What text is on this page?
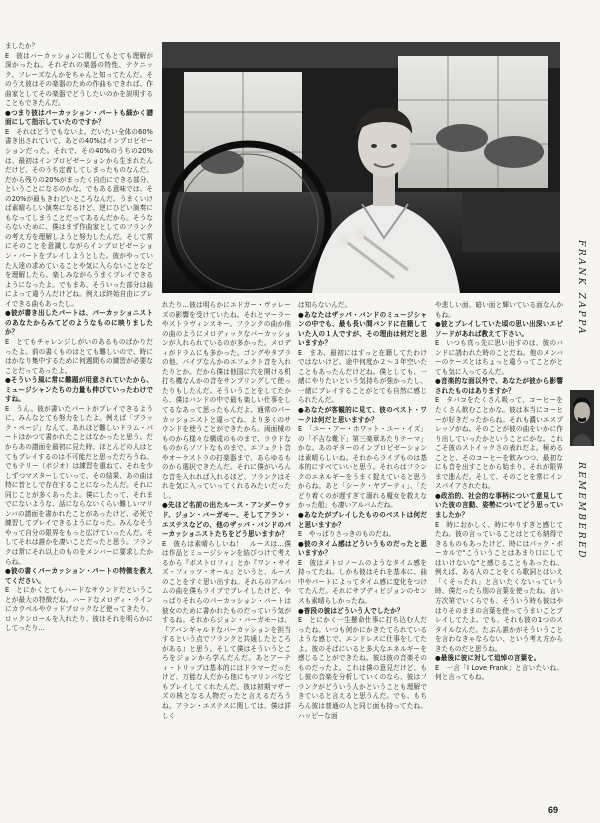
ましたか？

E　彼はバーカッションに関してもとても理解が深かったね。それぞれの楽器の特性、テクニック、フレーズなんかをちゃんと知ってたんだ。そのうえ彼はその楽器のための作曲もできれば、作曲家としてその楽器でどうしたいのかを説明することもできたんだ。

●つまり彼はパーカッション・パートも細かく譜面にして指示していたのですか？

E　それはどうでもないよ。だいたい全体の60%書き出されていて、あとの40%はインプロビゼーションだった。それで、その40%のうちの20%は、最初はインプロビゼーションから生まれたんだけど、そのうち定着してしまったものなんだ。だから残りの20%がまったく自由にできる部分、ということになるのかな。でもある意味では、その20%が最もきわどいところなんだ。うまくいけば素晴らしい演奏になるけど、逆にひどい演奏にもなってしまうことだってあるんだから。そうならないために、僕はまず作曲家としてのフランクの考え方を理解しようと努力したんだ。そして常にそのことを意識しながらインプロビゼーション・パートをプレイしようとした。彼がやっていた人達の求めていることや気に入らないことなどを理解したら、楽しみながらうまくプレイできるようになったよ。でもまあ、そういった部分は曲によって違うんだけどね。例えば終始自由にプレイできる曲もあったし。

●彼が書き出したパートは、パーカッショニストのあなたからみてどのようなものに映りましたか？

E　とてもチャレンジしがいのあるものばかりだったよ。前の書くものはとても難しいので、時にはかなり集中するために何週間もの練習が必要なことだってあったよ。

●そういう風に常に難題が用意されていたから、ミュージシャンたちの力量も伸びていったわけですね。

E　うん。彼が書いたパートがプレイできるように、みんなとても努力をしたよ。例えば「ブラック・ページ」なんて、あれほど難しいドラム・パートはかつて書かれたことはなかったと思う。だからあの譜面を最初に見た時、ほとんどの人はとてもプレイするのは不可能だと思っただろうね。でもテリー（ボジオ）は練習を重ねて、それを少しずつマスターしていって、その結果、あの曲は特に昔としで存在することになったんだ。それに同じことが多くあったよ。僕にしたって、それまでにないような、話にならないくらい難しいマリンバの譜面を書かれたことがあったけど、必死で練習してプレイできるようになった。みんなそうやって自分の限界をもっと広げていったんだ。そしてそれは誰かを凄いことだったと思う。フランクは常にそれ以上のものをメンバーに要求したからね。

●彼の書くパーカッション・パートの特徴を教えてください。

E　とにかくとてもハードなサウンドだということが最大の特徴だね。ハードなメロディ・ラインにカウベルやウッドブロックなど使ってきたり、ロックンロールを入れたり、彼はそれを明らかにしてったり…

れたり…彼は明らかにエドガー・ヴァレーズの影響を受けていたね。それとマーラーやストラヴィンスキー。フランクの曲か他の曲のようにメロディックなパーカッションが入れられているのが多かった。メロディがドラムにも多かった。ゴングやタブラの他、パイプなんかのエフェクト音を入れたりとか。だから僕は他国に穴を開ける机打ち機なんかの音をサンプリングして使ったりもしたんだ。そういうことをしてたから、僕はバンドの中で最も楽しい仕事をしてるなあって思ったもんだよ。通常のパーカッショニストと違ってね、より多くのサウンドを使うことができたから。両面械のものから様々な構成のものまで、ラウドなものからソフトなものまで、エフェクト音やオーケストラの打楽器まで、あらゆるものから選択できたんだ。それに僕がいろんな音を入れれば入れるほど、フランクはそれを気に入っていってくれるみたいだったし。

●先ほど名前の出たルース・アンダーウッド、ジョン・バーガモー、そしてアラン・エステスなどの、他のザッパ・バンドのパーカッショニストたちをどう思いますか？

E　彼らは素晴らしいね！　ルースは…僕は作品とミュージシャンを結びつけて考えるから『ポストロフィ』とか『ワン・サイズ・フィッツ・オール』というと、ルースのことをすぐ思い出すね。それらのアルバムの曲を僕もライブでプレイしたけど、やっぱりそれらのパーカッション・パートは彼女のために書かれたものだっていう気がするね。それからジョン・バーガモーは、『アバンギャルドなパーカッションを担当するという点でフランクと共通したところがある』と思う。そして僕はそういうところをジョンから学んだんだ。あとアーティ・トリップは基本的にはドラマーだったけど、万能な人だから他にもマリンバなどもプレイしてくれたんだ。彼は初期マザーズの核となる人物だったと言えるだろうね。アラン・エステスに関しては、僕は詳しく

は知らないんだ。

●あなたはザッパ・バンドのミュージシャンの中でも、最も長い間バンドに在籍していた人の１人ですが、その理由は何だと思いますか？

E　まあ、最初にはすっと在籍してたわけではないけど、途中何度か２〜３年空いたこともあったんだけどね。僕としても、一緒にやりたいという気持ちが強かったし、一緒にプレイすることがとても自然に感じられたんだ。

●あなたが客観的に見て、彼のベスト・ワークは何だと思いますか？

E　「ユー・アー・ホワット・ユー・イズ」の「不吉な靴下」第三楽章あたりテーマ」かな。あのギターのインプロビゼーションは素晴らしいね。それからライブものは基本的にすべていいと思う。それらはフランクのエネルギーをうまく捉えていると思うからね。あと「シーク・ヤブーティ」、「たどり着くのが遅すぎて溺れる魔女を救えなかった船」も凄いアルバムだね。

●あなたがプレイしたもののベストは何だと思いますか？

E　やっぱりさっきのものだね。

●彼のタイム感はどういうものだったと思いますか？

E　彼はメトロノームのようなタイム感を持ってたね。しかも彼はそれを基本に、曲中やパートによってタイム感に変化をつけてたんだ。それにサブディビジョンのセンスも素晴らしかったね。

●普段の彼はどういう人でしたか？

E　とにかく一生懸命仕事に打ち込む人だったね。いつも何かにかきたてられているような感じで、エンドレスに仕事をしてたよ。彼のそばにいると多大なエネルギーを感じることができたね。彼は彼の音楽そのものだったよ。これは僕の意見だけど、もし彼の音楽を分析していくのなら、彼はフランクがどういう人かということも理解できていると言えると思うんだ。でも、もちろん彼は普通の人と同じ面も持ってたね。ハッピーな面

や悲しい面、暗い面と輝いている面なんかもね。

●彼とプレイしていた頃の思い出深いエピソードがあれば教えて下さい。

E　いつも真っ先に思い出すのは、彼のバンドに誘われた時のことだね。他のメンバーのケースとはちょっと違うってことがとても気に入ってるんだ。

●音楽的な面以外で、あなたが彼から影響されたものはありますか？

E　タバコをたくさん吸って、コーヒーをたくさん飲むことかな。彼は本当にコーヒーが好きだったからね。それも濃いエスプレッソがね。そのことが彼の曲をいかに作り出していったかということにかな。これこそ彼のストイックさの表れだよ。極めることと、そのコーヒーを飲みつつ、最初なにも音を出すことから始まり、それが限界まで進んだ。そして、そのことを常にインスパイアされたね。

●政治的、社会的な事柄について意見していた彼の言動、姿勢についてどう思っていましたか？

E　時におかしく、時にやりすぎと感じてたね。彼の言っていることはとても納得できるものもあったけど、時にはパック・ボーカルで"こういうことはあまり口にしてはいけないな"と感じることもあったね。例えば、ある人のことをくら歌詞とはいえ「くそったれ」と言いたくないっていう時、僕だったら別の言葉を使ったね。言い方次第でいくらでも、そういう時も彼はやはりそのままの言葉を使ってうまいことプレイしてたよ。でも、それも彼の1つのスタイルなんだ。たぶん誰かがそういうことを言わなきゃならない、という考え方からきたものだと思うね。

●最後に彼に対して追悼の言葉を。

E　一言「I Love Frank」と言いたいね。何と言ってもね。

FRANK ZAPPA
REMEMBERED
69
